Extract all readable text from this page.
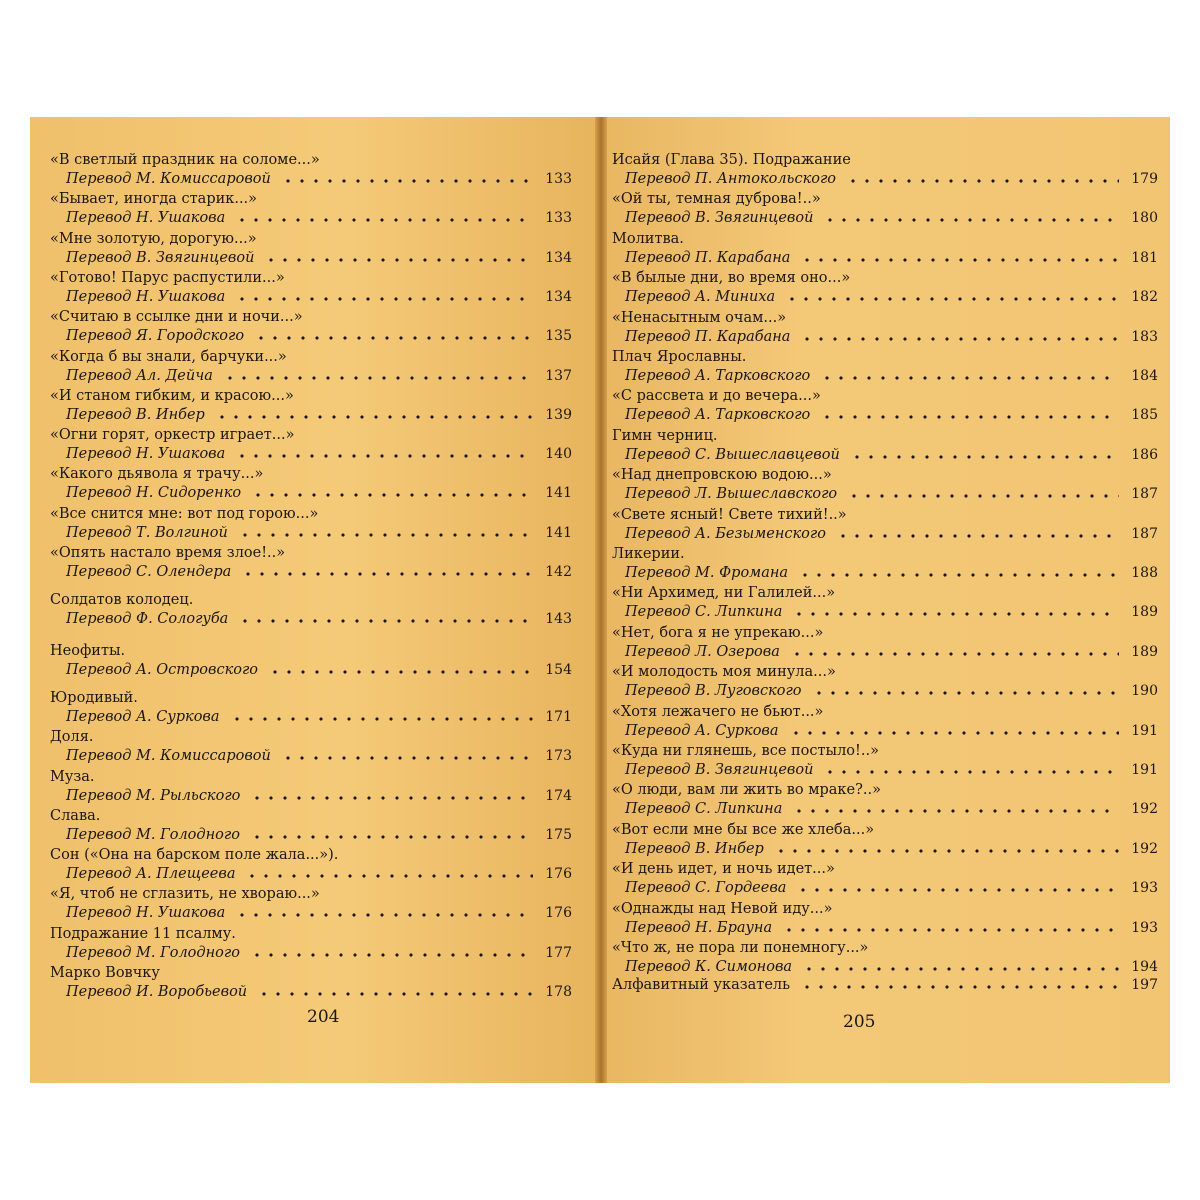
«В светлый праздник на соломе...»
Перевод М. Комиссаровой	133
«Бывает, иногда старик...»
Перевод Н. Ушакова	133
«Мне золотую, дорогую...»
Перевод В. Звягинцевой	134
«Готово! Парус распустили...»
Перевод Н. Ушакова	134
«Считаю в ссылке дни и ночи...»
Перевод Я. Городского	135
«Когда б вы знали, барчуки...»
Перевод Ал. Дейча	137
«И станом гибким, и красою...»
Перевод В. Инбер	139
«Огни горят, оркестр играет...»
Перевод Н. Ушакова	140
«Какого дьявола я трачу...»
Перевод Н. Сидоренко	141
«Все снится мне: вот под горою...»
Перевод Т. Волгиной	141
«Опять настало время злое!..»
Перевод С. Олендера	142
Солдатов колодец.
Перевод Ф. Сологуба	143
Неофиты.
Перевод А. Островского	154
Юродивый.
Перевод А. Суркова	171
Доля.
Перевод М. Комиссаровой	173
Муза.
Перевод М. Рыльского	174
Слава.
Перевод М. Голодного	175
Сон («Она на барском поле жала...»).
Перевод А. Плещеева	176
«Я, чтоб не сглазить, не хвораю...»
Перевод Н. Ушакова	176
Подражание 11 псалму.
Перевод М. Голодного	177
Марко Вовчку
Перевод И. Воробьевой	178
204
Исайя (Глава 35). Подражание
Перевод П. Антокольского	179
«Ой ты, темная дуброва!..»
Перевод В. Звягинцевой	180
Молитва.
Перевод П. Карабана	181
«В былые дни, во время оно...»
Перевод А. Миниха	182
«Ненасытным очам...»
Перевод П. Карабана	183
Плач Ярославны.
Перевод А. Тарковского	184
«С рассвета и до вечера...»
Перевод А. Тарковского	185
Гимн черниц.
Перевод С. Вышеславцевой	186
«Над днепровскою водою...»
Перевод Л. Вышеславского	187
«Свете ясный! Свете тихий!..»
Перевод А. Безыменского	187
Ликерии.
Перевод М. Фромана	188
«Ни Архимед, ни Галилей...»
Перевод С. Липкина	189
«Нет, бога я не упрекаю...»
Перевод Л. Озерова	189
«И молодость моя минула...»
Перевод В. Луговского	190
«Хотя лежачего не бьют...»
Перевод А. Суркова	191
«Куда ни глянешь, все постыло!..»
Перевод В. Звягинцевой	191
«О люди, вам ли жить во мраке?..»
Перевод С. Липкина	192
«Вот если мне бы все же хлеба...»
Перевод В. Инбер	192
«И день идет, и ночь идет...»
Перевод С. Гордеева	193
«Однажды над Невой иду...»
Перевод Н. Брауна	193
«Что ж, не пора ли понемногу...»
Перевод К. Симонова	194
Алфавитный указатель	197
205
